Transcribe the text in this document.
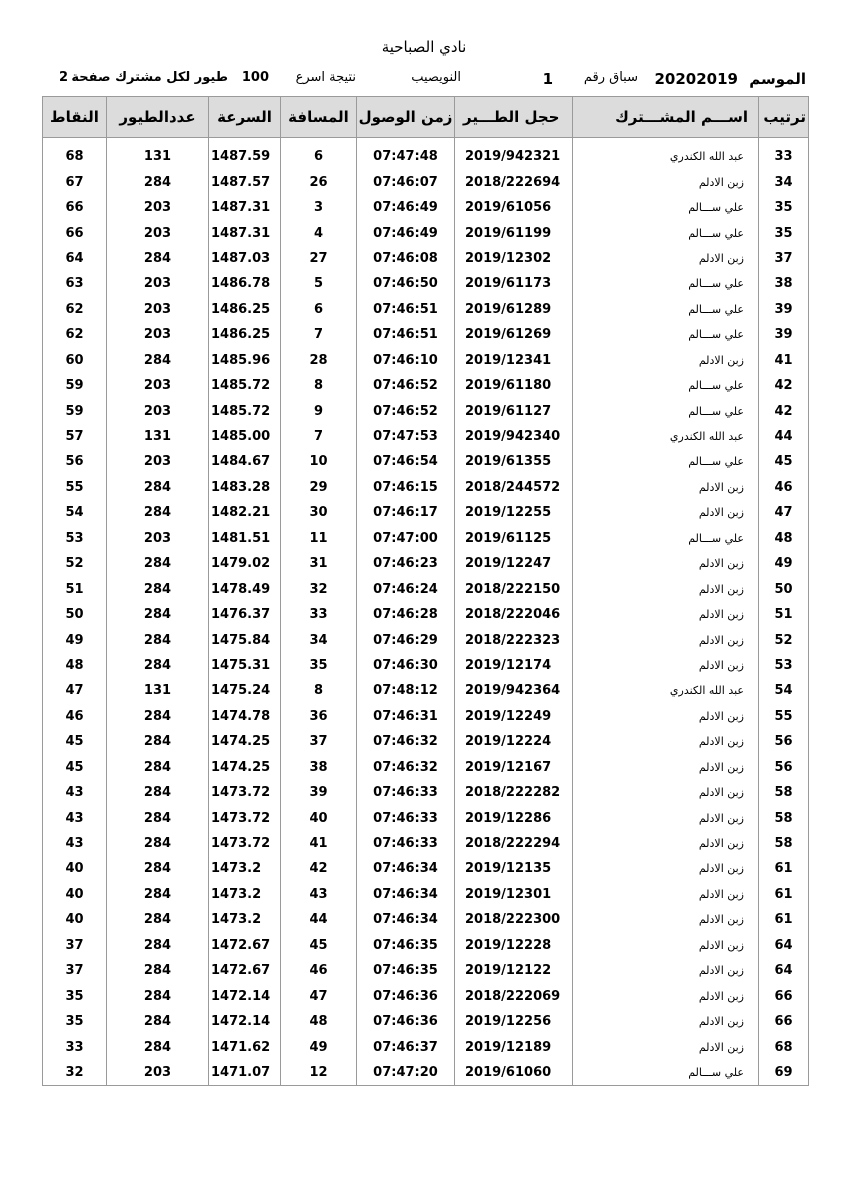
نادي الصباحية
الموسم
20202019
سباق رقم
1
النويصيب
نتيجة اسرع
100
طيور لكل مشترك صفحة
2
ترتيب	اســـم المشـــترك	حجل الطـــير	زمن الوصول	المسافة	السرعة	عددالطيور	النقاط

33	عبد الله الكندري	2019/942321	07:47:48	6	1487.59	131	68
34	زبن الادلم	2018/222694	07:46:07	26	1487.57	284	67
35	علي ســـالم	2019/61056	07:46:49	3	1487.31	203	66
35	علي ســـالم	2019/61199	07:46:49	4	1487.31	203	66
37	زبن الادلم	2019/12302	07:46:08	27	1487.03	284	64
38	علي ســـالم	2019/61173	07:46:50	5	1486.78	203	63
39	علي ســـالم	2019/61289	07:46:51	6	1486.25	203	62
39	علي ســـالم	2019/61269	07:46:51	7	1486.25	203	62
41	زبن الادلم	2019/12341	07:46:10	28	1485.96	284	60
42	علي ســـالم	2019/61180	07:46:52	8	1485.72	203	59
42	علي ســـالم	2019/61127	07:46:52	9	1485.72	203	59
44	عبد الله الكندري	2019/942340	07:47:53	7	1485.00	131	57
45	علي ســـالم	2019/61355	07:46:54	10	1484.67	203	56
46	زبن الادلم	2018/244572	07:46:15	29	1483.28	284	55
47	زبن الادلم	2019/12255	07:46:17	30	1482.21	284	54
48	علي ســـالم	2019/61125	07:47:00	11	1481.51	203	53
49	زبن الادلم	2019/12247	07:46:23	31	1479.02	284	52
50	زبن الادلم	2018/222150	07:46:24	32	1478.49	284	51
51	زبن الادلم	2018/222046	07:46:28	33	1476.37	284	50
52	زبن الادلم	2018/222323	07:46:29	34	1475.84	284	49
53	زبن الادلم	2019/12174	07:46:30	35	1475.31	284	48
54	عبد الله الكندري	2019/942364	07:48:12	8	1475.24	131	47
55	زبن الادلم	2019/12249	07:46:31	36	1474.78	284	46
56	زبن الادلم	2019/12224	07:46:32	37	1474.25	284	45
56	زبن الادلم	2019/12167	07:46:32	38	1474.25	284	45
58	زبن الادلم	2018/222282	07:46:33	39	1473.72	284	43
58	زبن الادلم	2019/12286	07:46:33	40	1473.72	284	43
58	زبن الادلم	2018/222294	07:46:33	41	1473.72	284	43
61	زبن الادلم	2019/12135	07:46:34	42	1473.2	284	40
61	زبن الادلم	2019/12301	07:46:34	43	1473.2	284	40
61	زبن الادلم	2018/222300	07:46:34	44	1473.2	284	40
64	زبن الادلم	2019/12228	07:46:35	45	1472.67	284	37
64	زبن الادلم	2019/12122	07:46:35	46	1472.67	284	37
66	زبن الادلم	2018/222069	07:46:36	47	1472.14	284	35
66	زبن الادلم	2019/12256	07:46:36	48	1472.14	284	35
68	زبن الادلم	2019/12189	07:46:37	49	1471.62	284	33
69	علي ســـالم	2019/61060	07:47:20	12	1471.07	203	32
